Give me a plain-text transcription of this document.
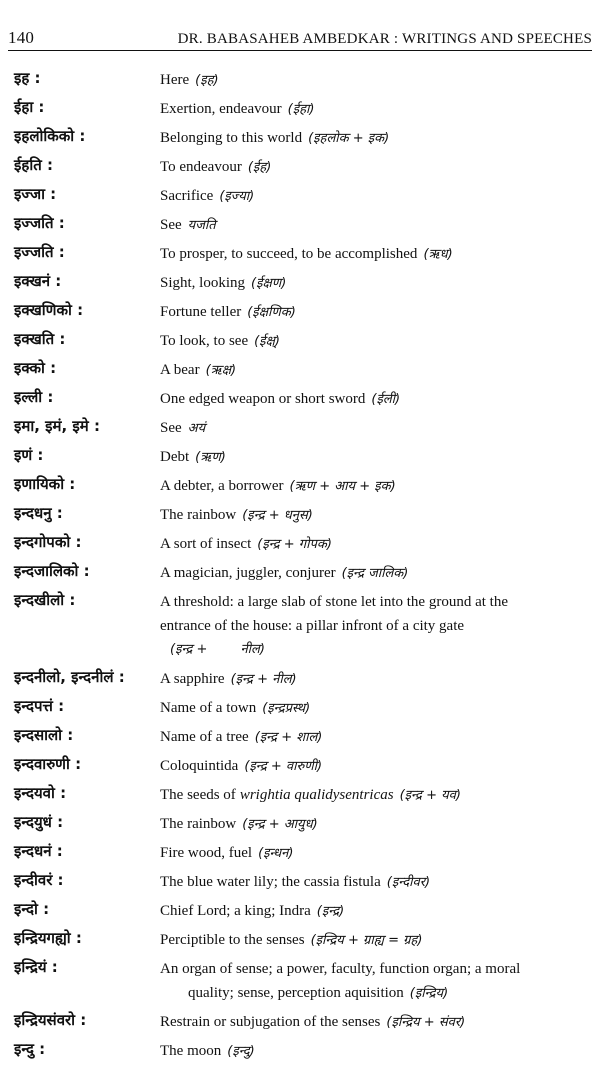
140	DR. BABASAHEB AMBEDKAR : WRITINGS AND SPEECHES
इह :	Here (इह)
ईहा :	Exertion, endeavour (ईहा)
इहलोकिको :	Belonging to this world (इहलोक + इक)
ईहति :	To endeavour (ईह)
इज्जा :	Sacrifice (इज्या)
इज्जति :	See यजति
इज्जति :	To prosper, to succeed, to be accomplished (ऋध)
इक्खनं :	Sight, looking (ईक्षण)
इक्खणिको :	Fortune teller (ईक्षणिक)
इक्खति :	To look, to see (ईक्ष्)
इक्को :	A bear (ऋक्ष)
इल्ली :	One edged weapon or short sword (ईली)
इमा, इमं, इमे :	See अयं
इणं :	Debt (ऋण)
इणायिको :	A debter, a borrower (ऋण + आय + इक)
इन्दधनु :	The rainbow (इन्द्र + धनुस)
इन्दगोपको :	A sort of insect (इन्द्र + गोपक)
इन्दजालिको :	A magician, juggler, conjurer (इन्द्र जालिक)
इन्दखीलो :	A threshold: a large slab of stone let into the ground at the
entrance of the house: a pillar infront of a city gate
(इन्द्र +        नील)
इन्दनीलो, इन्दनीलं :	A sapphire (इन्द्र + नील)
इन्दपत्तं :	Name of a town (इन्द्रप्रस्थ)
इन्दसालो :	Name of a tree (इन्द्र + शाल)
इन्दवारुणी :	Coloquintida (इन्द्र + वारुणी)
इन्दयवो :	The seeds of wrightia qualidysentricas (इन्द्र + यव)
इन्दयुधं :	The rainbow (इन्द्र + आयुध)
इन्दधनं :	Fire wood, fuel (इन्धन)
इन्दीवरं :	The blue water lily; the cassia fistula (इन्दीवर)
इन्दो :	Chief Lord; a king; Indra (इन्द्र)
इन्द्रियगह्यो :	Perciptible to the senses (इन्द्रिय + ग्राह्य = ग्रह)
इन्द्रियं :	An organ of sense; a power, faculty, function organ; a moral
quality; sense, perception aquisition (इन्द्रिय)
इन्द्रियसंवरो :	Restrain or subjugation of the senses (इन्द्रिय + संवर)
इन्दु :	The moon (इन्दु)
